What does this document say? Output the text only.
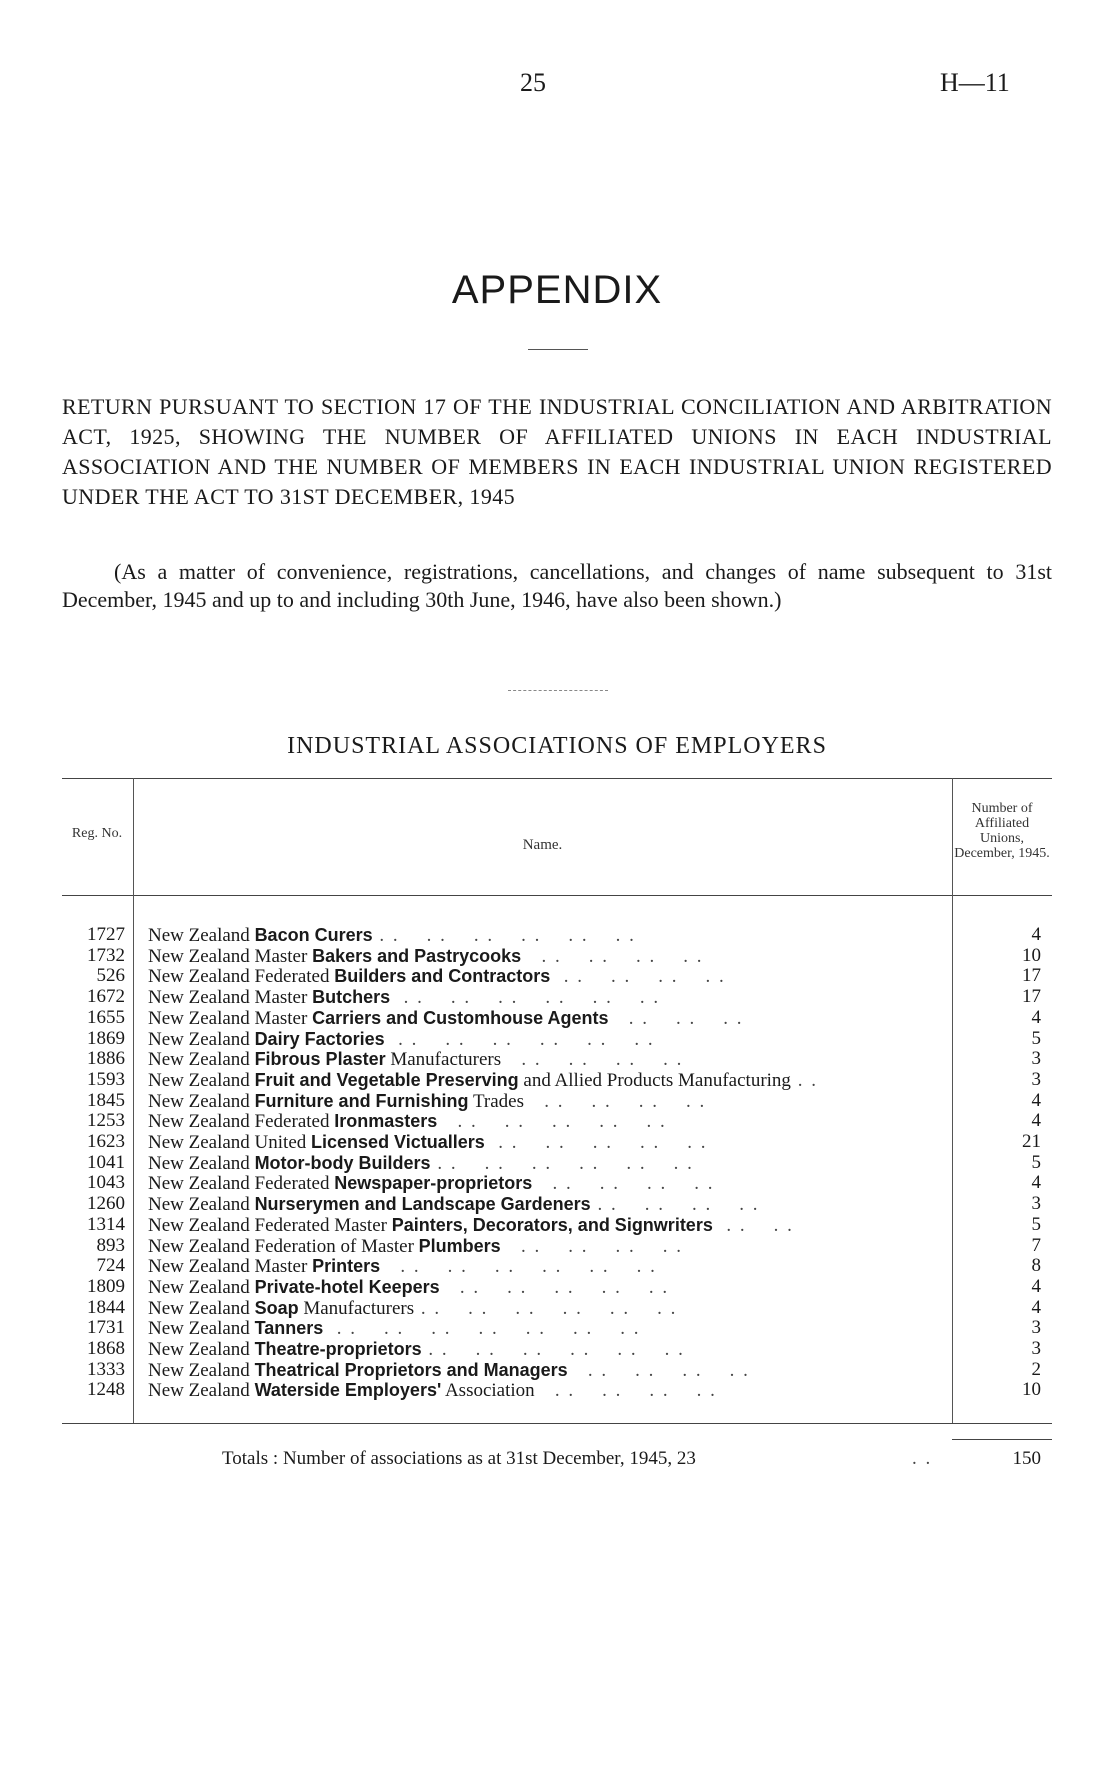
25	H—11
APPENDIX
RETURN PURSUANT TO SECTION 17 OF THE INDUSTRIAL CONCILIATION AND ARBITRATION ACT, 1925, SHOWING THE NUMBER OF AFFILIATED UNIONS IN EACH INDUSTRIAL ASSOCIATION AND THE NUMBER OF MEMBERS IN EACH INDUSTRIAL UNION REGISTERED UNDER THE ACT TO 31ST DECEMBER, 1945
(As a matter of convenience, registrations, cancellations, and changes of name subsequent to 31st December, 1945 and up to and including 30th June, 1946, have also been shown.)
INDUSTRIAL ASSOCIATIONS OF EMPLOYERS
Reg. No.
Name.
Number of Affiliated Unions, December, 1945.
1727 New Zealand Bacon Curers . .    . .    . .    . .    . .    . .	4
1732 New Zealand Master Bakers and Pastrycooks   . .    . .    . .    . .	10
526 New Zealand Federated Builders and Contractors  . .    . .    . .    . .	17
1672 New Zealand Master Butchers  . .    . .    . .    . .    . .    . .	17
1655 New Zealand Master Carriers and Customhouse Agents   . .    . .    . .	4
1869 New Zealand Dairy Factories  . .    . .    . .    . .    . .    . .	5
1886 New Zealand Fibrous Plaster Manufacturers   . .    . .    . .    . .	3
1593 New Zealand Fruit and Vegetable Preserving and Allied Products Manufacturing . .	3
1845 New Zealand Furniture and Furnishing Trades   . .    . .    . .    . .	4
1253 New Zealand Federated Ironmasters   . .    . .    . .    . .    . .	4
1623 New Zealand United Licensed Victuallers  . .    . .    . .    . .    . .	21
1041 New Zealand Motor-body Builders . .    . .    . .    . .    . .    . .	5
1043 New Zealand Federated Newspaper-proprietors   . .    . .    . .    . .	4
1260 New Zealand Nurserymen and Landscape Gardeners . .    . .    . .    . .	3
1314 New Zealand Federated Master Painters, Decorators, and Signwriters  . .    . .	5
893 New Zealand Federation of Master Plumbers   . .    . .    . .    . .	7
724 New Zealand Master Printers   . .    . .    . .    . .    . .    . .	8
1809 New Zealand Private-hotel Keepers   . .    . .    . .    . .    . .	4
1844 New Zealand Soap Manufacturers . .    . .    . .    . .    . .    . .	4
1731 New Zealand Tanners  . .    . .    . .    . .    . .    . .    . .	3
1868 New Zealand Theatre-proprietors . .    . .    . .    . .    . .    . .	3
1333 New Zealand Theatrical Proprietors and Managers   . .    . .    . .    . .	2
1248 New Zealand Waterside Employers' Association   . .    . .    . .    . .	10
Totals : Number of associations as at 31st December, 1945, 23	. .	150
